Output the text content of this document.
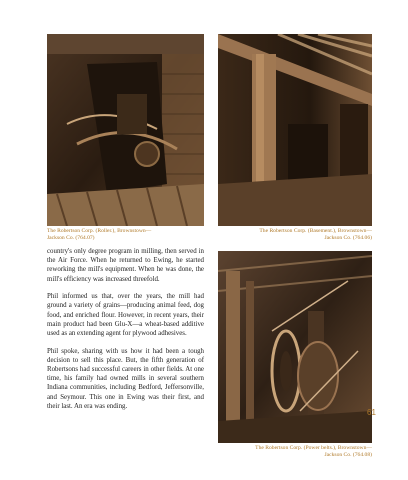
The Robertson Corp. (Roller.), Brownstown—
Jackson Co. (764.07)
The Robertson Corp. (Basement.), Brownstown—
Jackson Co. (764.06)

country's only degree program in milling, then served in the Air Force. When he returned to Ewing, he started reworking the mill's equipment. When he was done, the mill's efficiency was increased threefold.

Phil informed us that, over the years, the mill had ground a variety of grains—producing animal feed, dog food, and enriched flour. However, in recent years, their main product had been Glu-X—a wheat-based additive used as an extending agent for plywood adhesives.

Phil spoke, sharing with us how it had been a tough decision to sell this place. But, the fifth generation of Robertsons had successful careers in other fields. At one time, his family had owned mills in several southern Indiana communities, including Bedford, Jeffersonville, and Seymour. This one in Ewing was their first, and their last. An era was ending.

The Robertson Corp. (Power belts.), Brownstown—
Jackson Co. (764.08)
61
